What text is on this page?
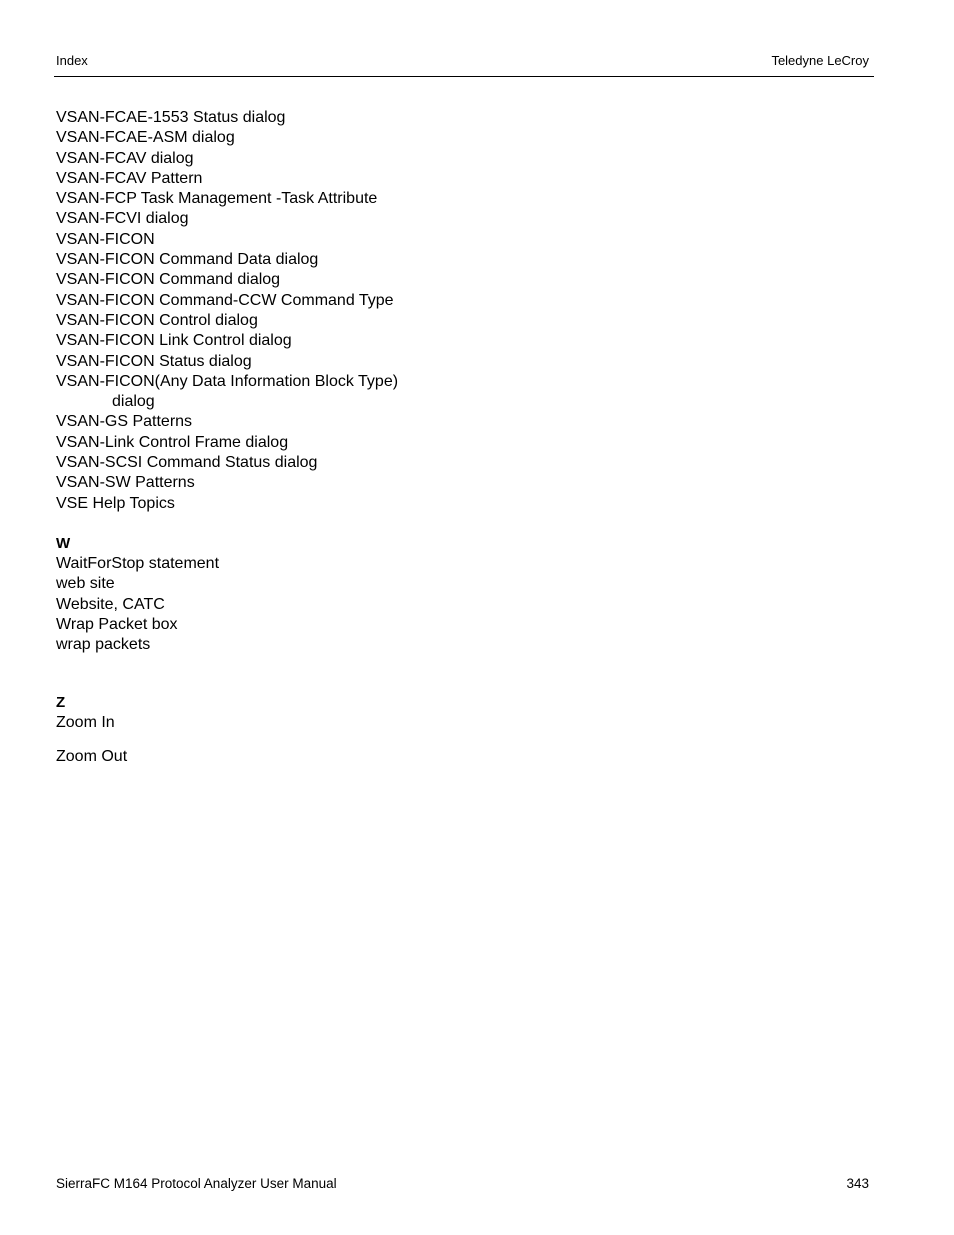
Index	Teledyne LeCroy
VSAN-FCAE-1553 Status dialog
VSAN-FCAE-ASM dialog
VSAN-FCAV dialog
VSAN-FCAV Pattern
VSAN-FCP Task Management -Task Attribute
VSAN-FCVI dialog
VSAN-FICON
VSAN-FICON Command Data dialog
VSAN-FICON Command dialog
VSAN-FICON Command-CCW Command Type
VSAN-FICON Control dialog
VSAN-FICON Link Control dialog
VSAN-FICON Status dialog
VSAN-FICON(Any Data Information Block Type)
dialog
VSAN-GS Patterns
VSAN-Link Control Frame dialog
VSAN-SCSI Command Status dialog
VSAN-SW Patterns
VSE Help Topics
W
WaitForStop statement
web site
Website, CATC
Wrap Packet box
wrap packets
Z
Zoom In
Zoom Out
SierraFC M164 Protocol Analyzer User Manual	343
